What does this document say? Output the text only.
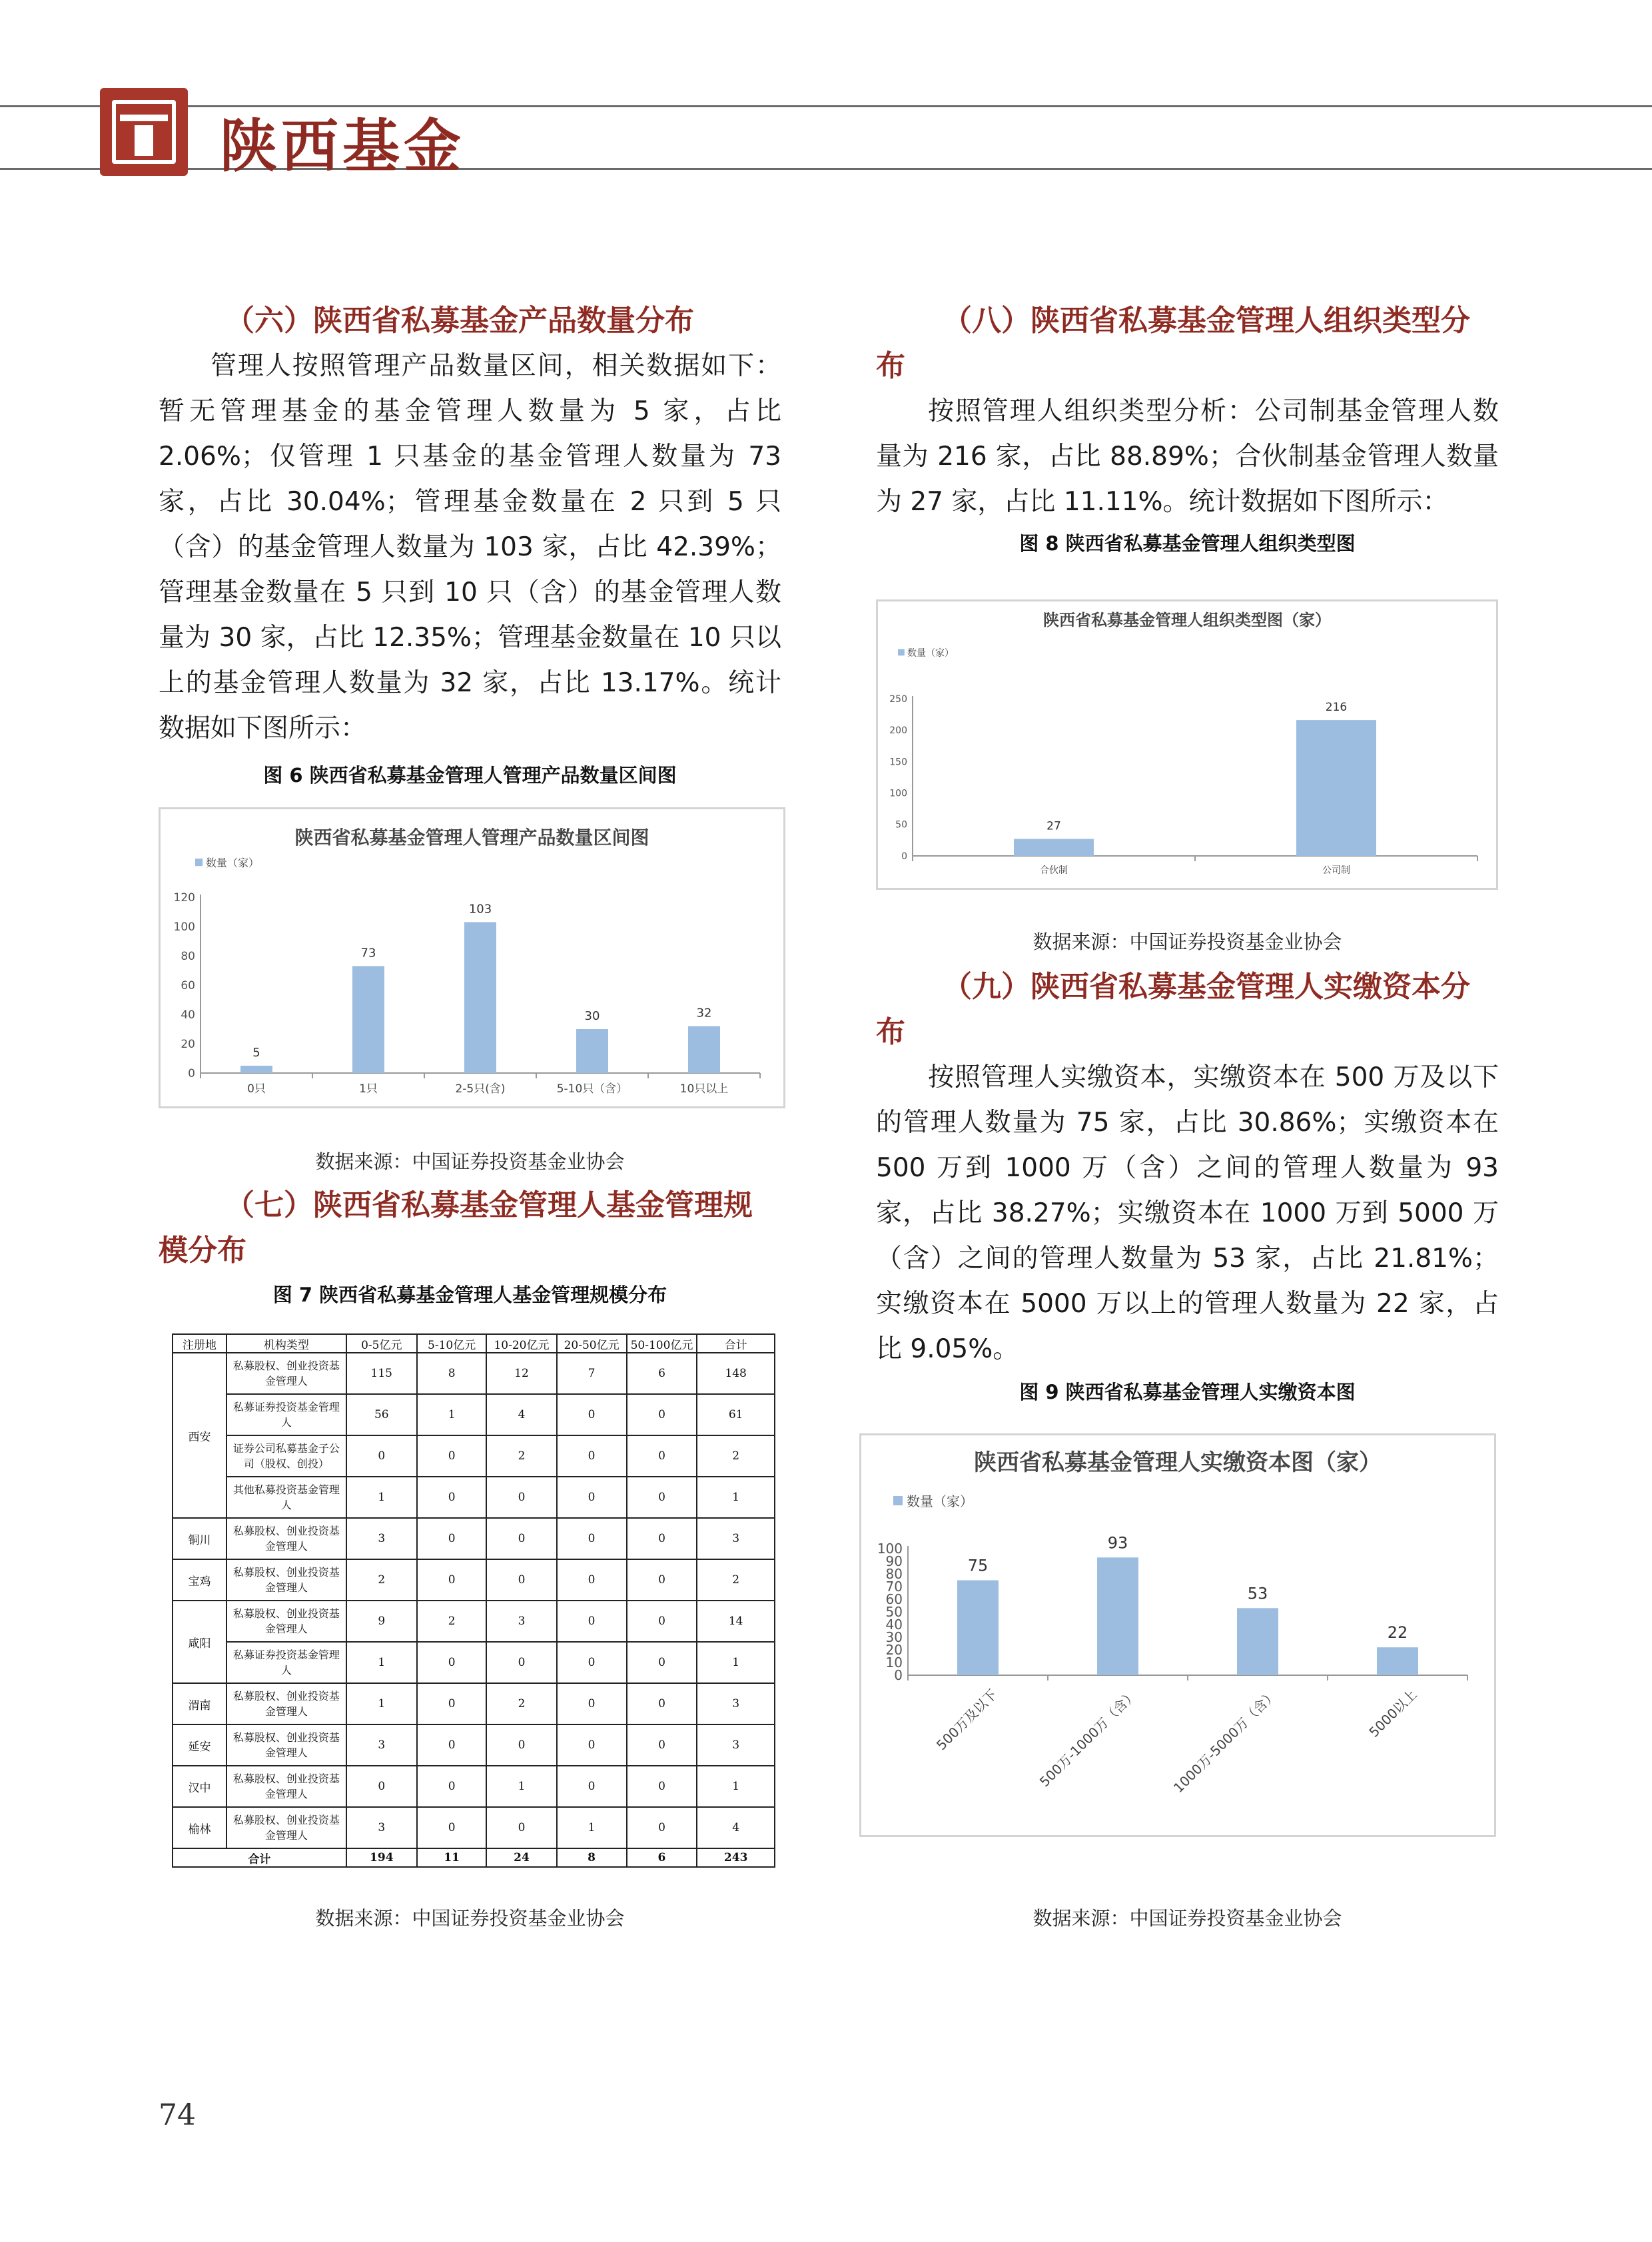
陕西基金
（六）陕西省私募基金产品数量分布
管理人按照管理产品数量区间，相关数据如下：暂无管理基金的基金管理人数量为 5 家，占比 2.06%；仅管理 1 只基金的基金管理人数量为 73 家，占比 30.04%；管理基金数量在 2 只到 5 只（含）的基金管理人数量为 103 家，占比 42.39%；管理基金数量在 5 只到 10 只（含）的基金管理人数量为 30 家，占比 12.35%；管理基金数量在 10 只以上的基金管理人数量为 32 家，占比 13.17%。统计数据如下图所示：
图 6 陕西省私募基金管理人管理产品数量区间图
陕西省私募基金管理人管理产品数量区间图
数量（家）
0
20
40
60
80
100
120
5
0只
73
1只
103
2-5只(含)
30
5-10只（含）
32
10只以上
数据来源：中国证券投资基金业协会
（七）陕西省私募基金管理人基金管理规模分布
图 7 陕西省私募基金管理人基金管理规模分布
注册地	机构类型	0-5亿元	5-10亿元	10-20亿元	20-50亿元	50-100亿元	合计
西安	私募股权、创业投资基金管理人	115	8	12	7	6	148
	私募证券投资基金管理人	56	1	4	0	0	61
	证券公司私募基金子公司（股权、创投）	0	0	2	0	0	2
	其他私募投资基金管理人	1	0	0	0	0	1
铜川	私募股权、创业投资基金管理人	3	0	0	0	0	3
宝鸡	私募股权、创业投资基金管理人	2	0	0	0	0	2
咸阳	私募股权、创业投资基金管理人	9	2	3	0	0	14
	私募证券投资基金管理人	1	0	0	0	0	1
渭南	私募股权、创业投资基金管理人	1	0	2	0	0	3
延安	私募股权、创业投资基金管理人	3	0	0	0	0	3
汉中	私募股权、创业投资基金管理人	0	0	1	0	0	1
榆林	私募股权、创业投资基金管理人	3	0	0	1	0	4
合计		194	11	24	8	6	243
数据来源：中国证券投资基金业协会
（八）陕西省私募基金管理人组织类型分布
按照管理人组织类型分析：公司制基金管理人数量为 216 家，占比 88.89%；合伙制基金管理人数量为 27 家，占比 11.11%。统计数据如下图所示：
图 8 陕西省私募基金管理人组织类型图
陕西省私募基金管理人组织类型图（家）
数量（家）
0
50
100
150
200
250
27
合伙制
216
公司制
数据来源：中国证券投资基金业协会
（九）陕西省私募基金管理人实缴资本分布
按照管理人实缴资本，实缴资本在 500 万及以下的管理人数量为 75 家，占比 30.86%；实缴资本在 500 万到 1000 万（含）之间的管理人数量为 93 家，占比 38.27%；实缴资本在 1000 万到 5000 万（含）之间的管理人数量为 53 家，占比 21.81%；实缴资本在 5000 万以上的管理人数量为 22 家，占比 9.05%。
图 9 陕西省私募基金管理人实缴资本图
陕西省私募基金管理人实缴资本图（家）
数量（家）
0
10
20
30
40
50
60
70
80
90
100
75
500万及以下
93
500万-1000万（含）
53
1000万-5000万（含）
22
5000以上
数据来源：中国证券投资基金业协会
74
